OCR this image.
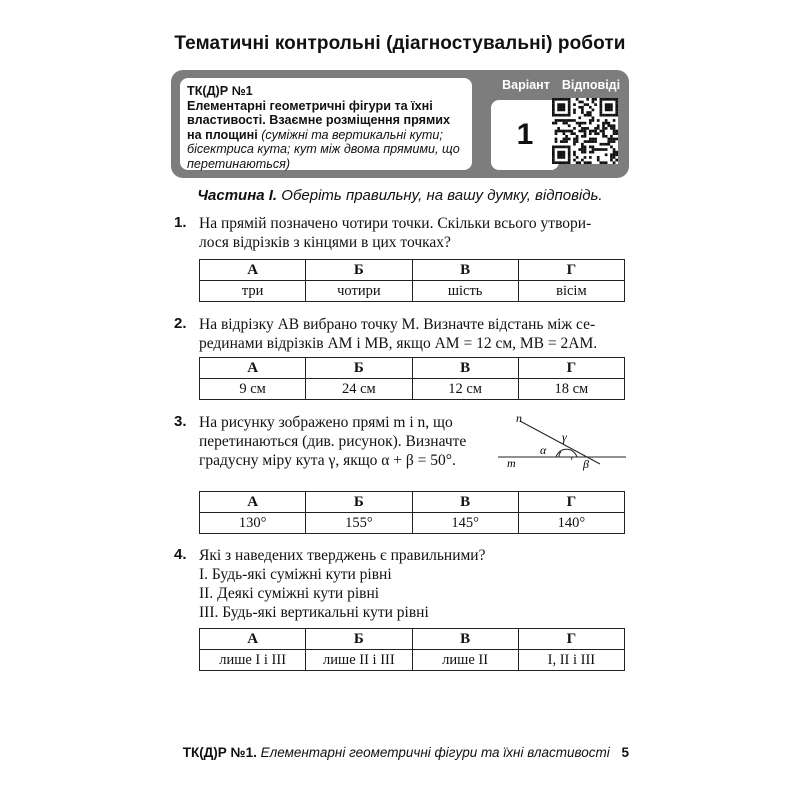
Тематичні контрольні (діагностувальні) роботи
ТК(Д)Р №1
Елементарні геометричні фігури та їхні властивості. Взаємне розміщення прямих на площині (суміжні та вертикальні кути; бісектриса кута; кут між двома прямими, що перетинаються)
Варіант
1
Відповіді
Частина І. Оберіть правильну, на вашу думку, відповідь.
1. На прямій позначено чотири точки. Скільки всього утвори-
лося відрізків з кінцями в цих точках?
А	Б	В	Г
три	чотири	шість	вісім
2. На відрізку AB вибрано точку M. Визначте відстань між се-
рединами відрізків AM і MB, якщо AM = 12 см, MB = 2AM.
А	Б	В	Г
9 см	24 см	12 см	18 см
3. На рисунку зображено прямі m і n, що
перетинаються (див. рисунок). Визначте
градусну міру кута γ, якщо α + β = 50°.
n
m
α
γ
β
А	Б	В	Г
130°	155°	145°	140°
4. Які з наведених тверджень є правильними?
I. Будь-які суміжні кути рівні
II. Деякі суміжні кути рівні
III. Будь-які вертикальні кути рівні
А	Б	В	Г
лише I і III	лише II і III	лише II	I, II і III
ТК(Д)Р №1. Елементарні геометричні фігури та їхні властивості 5
